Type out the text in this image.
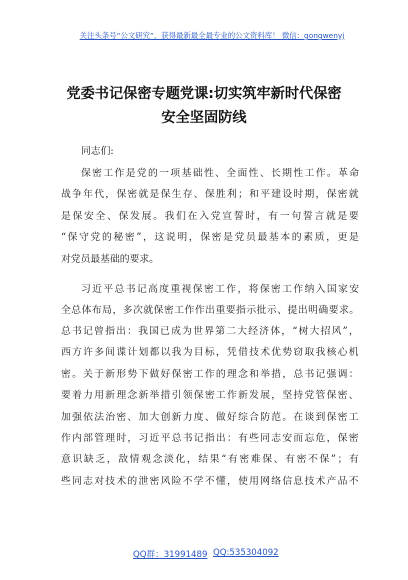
关注头条号“公文研究”，获得最新最全最专业的公文资料库！ 微信：gongwenyj
党委书记保密专题党课:切实筑牢新时代保密
安全坚固防线
同志们:
保密工作是党的一项基础性、全面性、长期性工作。革命
战争年代，保密就是保生存、保胜利；和平建设时期，保密就
是保安全、保发展。我们在入党宣誓时，有一句誓言就是要
“保守党的秘密”，这说明，保密是党员最基本的素质，更是
对党员最基础的要求。
习近平总书记高度重视保密工作，将保密工作纳入国家安
全总体布局，多次就保密工作作出重要指示批示、提出明确要求。
总书记曾指出：我国已成为世界第二大经济体，“树大招风”，
西方许多间谍计划都以我为目标，凭借技术优势窃取我核心机
密。关于新形势下做好保密工作的理念和举措，总书记强调：
要着力用新理念新举措引领保密工作新发展，坚持党管保密、
加强依法治密、加大创新力度、做好综合防范。在谈到保密工
作内部管理时，习近平总书记指出：有些同志安而忘危，保密
意识缺乏，敌情观念淡化，结果“有密难保、有密不保”；有
些同志对技术的泄密风险不学不懂，使用网络信息技术产品不
QQ群：31991489 QQ:535304092
